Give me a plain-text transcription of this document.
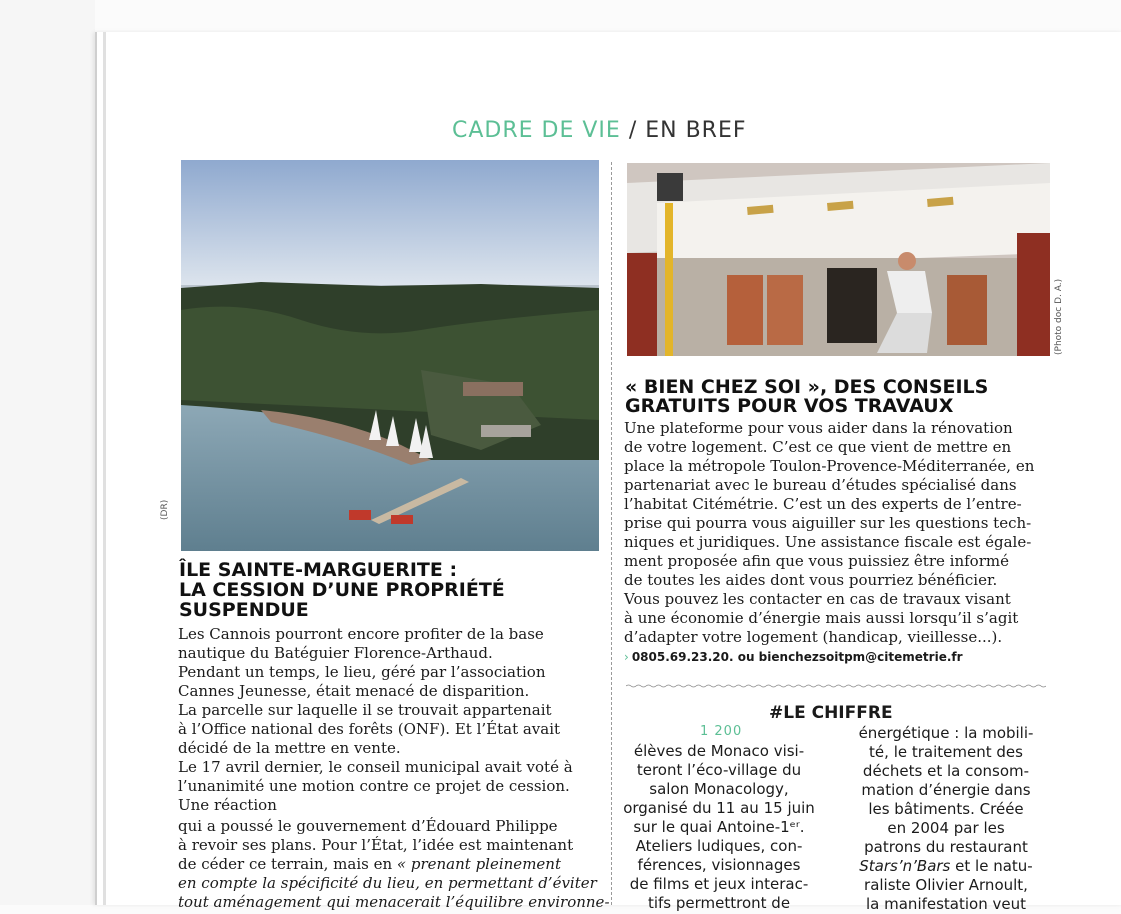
CADRE DE VIE / EN BREF
(DR)
(Photo doc D. A.)
ÎLE SAINTE-MARGUERITE :
LA CESSION D’UNE PROPRIÉTÉ
SUSPENDUE
Les Cannois pourront encore profiter de la base
nautique du Batéguier Florence-Arthaud.
Pendant un temps, le lieu, géré par l’association
Cannes Jeunesse, était menacé de disparition.
La parcelle sur laquelle il se trouvait appartenait
à l’Office national des forêts (ONF). Et l’État avait
décidé de la mettre en vente.
Le 17 avril dernier, le conseil municipal avait voté à
l’unanimité une motion contre ce projet de cession.
Une réaction
qui a poussé le gouvernement d’Édouard Philippe
à revoir ses plans. Pour l’État, l’idée est maintenant
de céder ce terrain, mais en « prenant pleinement
en compte la spécificité du lieu, en permettant d’éviter
tout aménagement qui menacerait l’équilibre environne-
« BIEN CHEZ SOI », DES CONSEILS
GRATUITS POUR VOS TRAVAUX
Une plateforme pour vous aider dans la rénovation
de votre logement. C’est ce que vient de mettre en
place la métropole Toulon-Provence-Méditerranée, en
partenariat avec le bureau d’études spécialisé dans
l’habitat Citémétrie. C’est un des experts de l’entre-
prise qui pourra vous aiguiller sur les questions tech-
niques et juridiques. Une assistance fiscale est égale-
ment proposée afin que vous puissiez être informé
de toutes les aides dont vous pourriez bénéficier.
Vous pouvez les contacter en cas de travaux visant
à une économie d’énergie mais aussi lorsqu’il s’agit
d’adapter votre logement (handicap, vieillesse...).
› 0805.69.23.20. ou bienchezsoitpm@citemetrie.fr
#LE CHIFFRE
1 200
élèves de Monaco visi-
teront l’éco-village du
salon Monacology,
organisé du 11 au 15 juin
sur le quai Antoine-1ᵉʳ.
Ateliers ludiques, con-
férences, visionnages
de films et jeux interac-
tifs permettront de
énergétique : la mobili-
té, le traitement des
déchets et la consom-
mation d’énergie dans
les bâtiments. Créée
en 2004 par les
patrons du restaurant
Stars’n’Bars et le natu-
raliste Olivier Arnoult,
la manifestation veut
